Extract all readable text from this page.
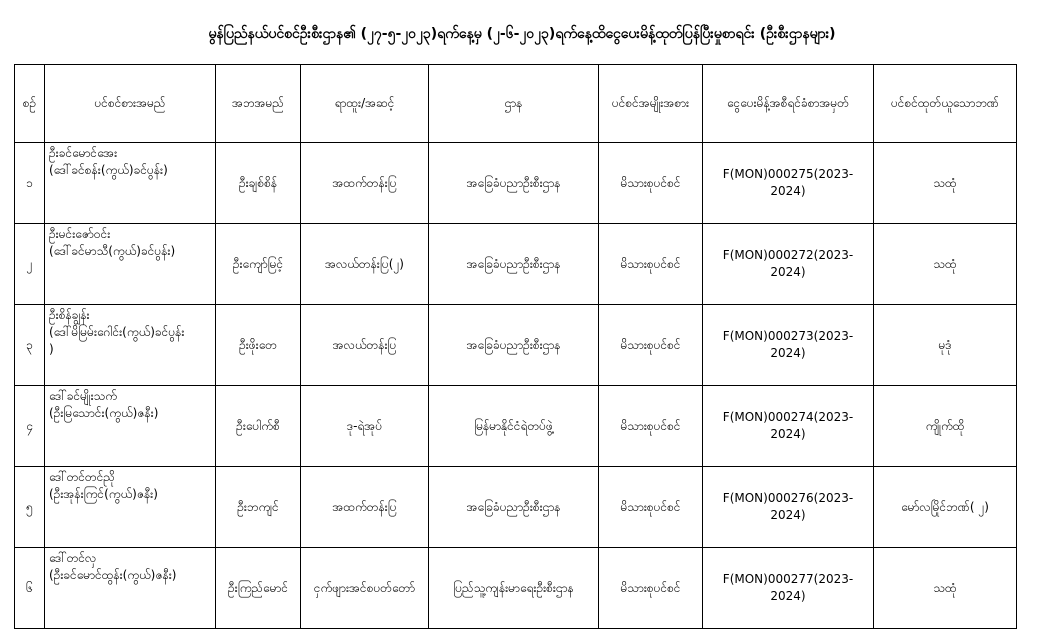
မွန်ပြည်နယ်ပင်စင်ဦးစီးဌာန၏ (၂၇-၅-၂၀၂၃)ရက်နေ့မှ (၂-၆-၂၀၂၃)ရက်နေ့ထိငွေပေးမိန့်ထုတ်ပြန်ပြီးမှုစာရင်း (ဦးစီးဌာနများ)
စဉ်	ပင်စင်စားအမည်	အဘအမည်	ရာထူး/အဆင့်	ဌာန	ပင်စင်အမျိုးအစား	ငွေပေးမိန့်အစီရင်ခံစာအမှတ်	ပင်စင်ထုတ်ယူသောဘဏ်
၁	ဦးခင်မောင်အေး
(ဒေါ်ခင်စန်း(ကွယ်)ခင်ပွန်း)	ဦးချစ်စိန်	အထက်တန်းပြ	အခြေခံပညာဦးစီးဌာန	မိသားစုပင်စင်	F(MON)000275(2023-2024)	သထုံ
၂	ဦးမင်းဇော်ဝင်း
(ဒေါ်ခင်မာသီ(ကွယ်)ခင်ပွန်း)	ဦးကျော်မြင့်	အလယ်တန်းပြ(၂)	အခြေခံပညာဦးစီးဌာန	မိသားစုပင်စင်	F(MON)000272(2023-2024)	သထုံ
၃	ဦးစိန်ချွန်း
(ဒေါ်မိမြမ်းဂေါင်း(ကွယ်)ခင်ပွန်း
)	ဦးဖိုးတေ	အလယ်တန်းပြ	အခြေခံပညာဦးစီးဌာန	မိသားစုပင်စင်	F(MON)000273(2023-2024)	မုဒုံ
၄	ဒေါ်ခင်မျိုးသက်
(ဦးမြသောင်း(ကွယ်)ဇနီး)	ဦးပေါက်စီ	ဒု-ရဲအုပ်	မြန်မာနိုင်ငံရဲတပ်ဖွဲ့	မိသားစုပင်စင်	F(MON)000274(2023-2024)	ကျိုက်ထို
၅	ဒေါ်တင်တင်ညို
(ဦးအုန်းကြင်(ကွယ်)ဇနီး)	ဦးဘကျင်	အထက်တန်းပြ	အခြေခံပညာဦးစီးဌာန	မိသားစုပင်စင်	F(MON)000276(2023-2024)	မော်လမြိုင်ဘဏ်( ၂)
၆	ဒေါ်တင်လှ
(ဦးခင်မောင်ထွန်း(ကွယ်)ဇနီး)	ဦးကြည်မောင်	ငှက်ဖျားအင်စပတ်တော်	ပြည်သူ့ကျန်းမာရေးဦးစီးဌာန	မိသားစုပင်စင်	F(MON)000277(2023-2024)	သထုံ
